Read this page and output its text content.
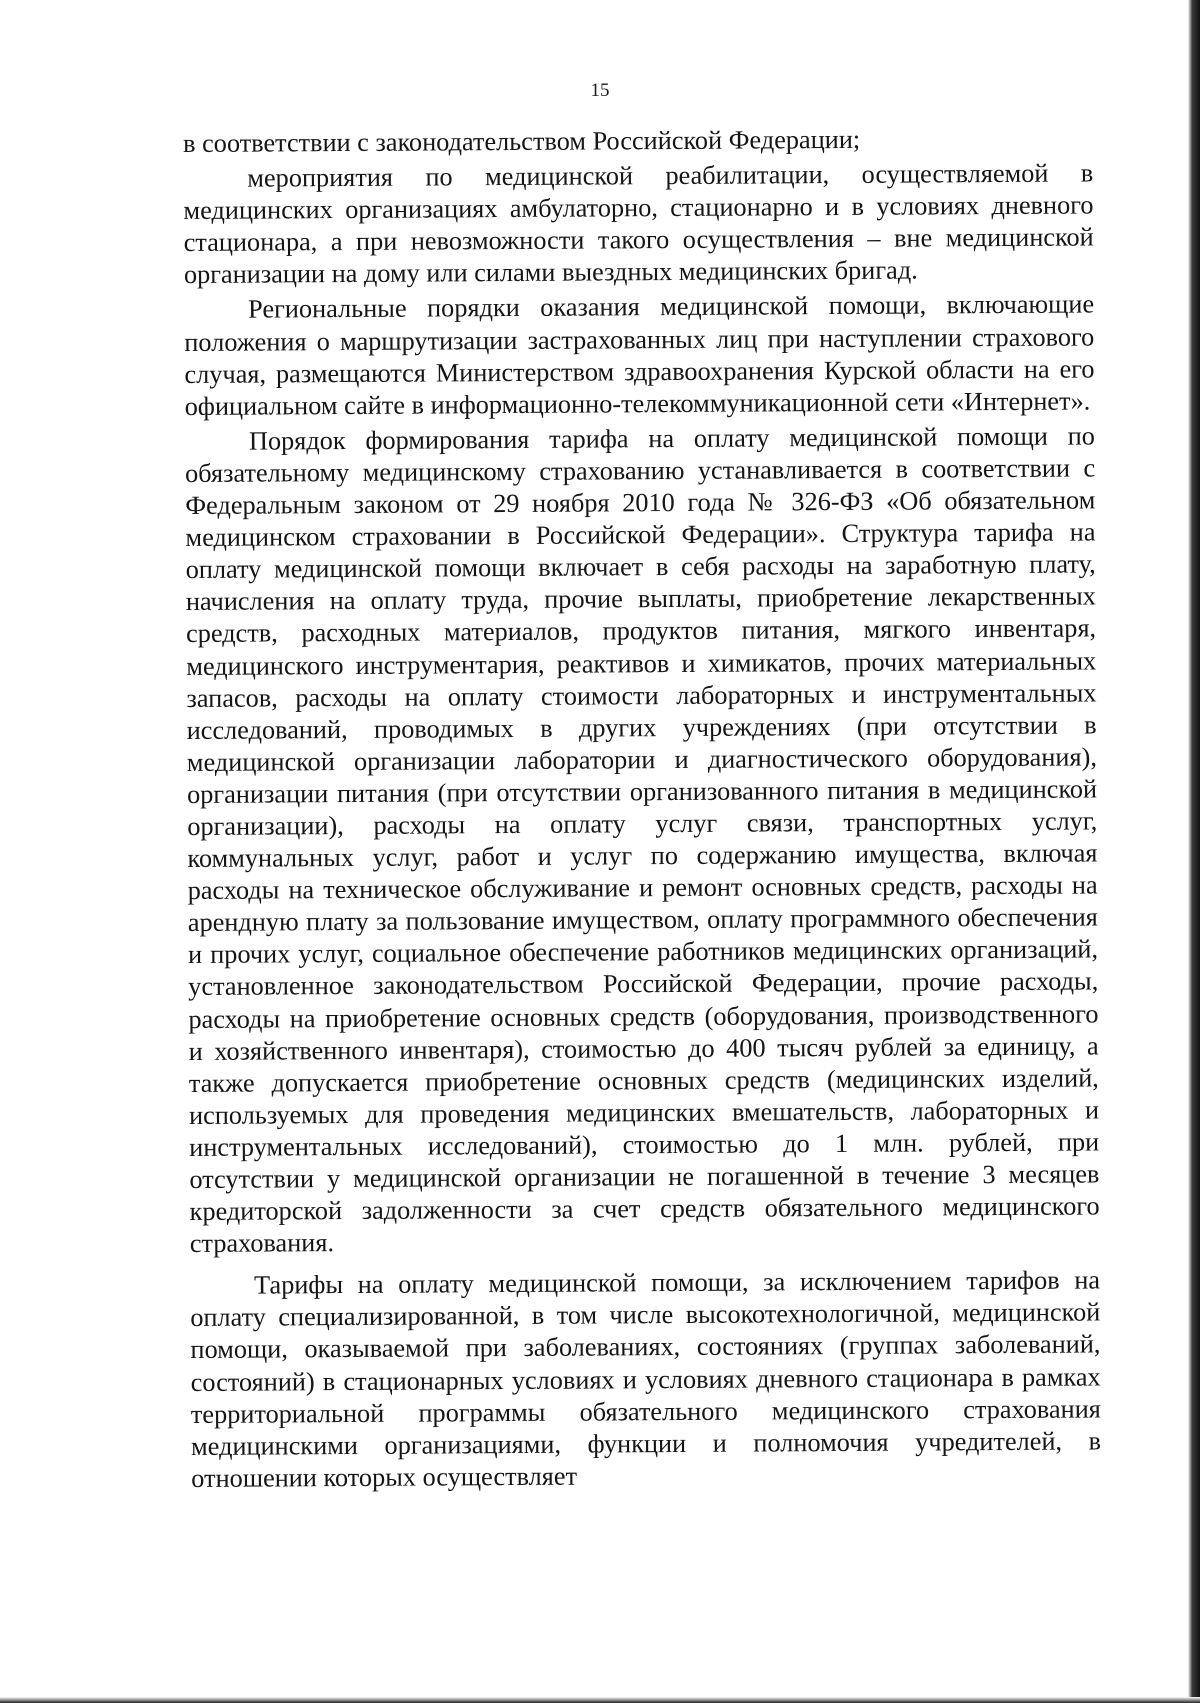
15

в соответствии с законодательством Российской Федерации;

мероприятия по медицинской реабилитации, осуществляемой в медицинских организациях амбулаторно, стационарно и в условиях дневного стационара, а при невозможности такого осуществления – вне медицинской организации на дому или силами выездных медицинских бригад.

Региональные порядки оказания медицинской помощи, включающие положения о маршрутизации застрахованных лиц при наступлении страхового случая, размещаются Министерством здравоохранения Курской области на его официальном сайте в информационно-телекоммуникационной сети «Интернет».

Порядок формирования тарифа на оплату медицинской помощи по обязательному медицинскому страхованию устанавливается в соответствии с Федеральным законом от 29 ноября 2010 года № 326-ФЗ «Об обязательном медицинском страховании в Российской Федерации». Структура тарифа на оплату медицинской помощи включает в себя расходы на заработную плату, начисления на оплату труда, прочие выплаты, приобретение лекарственных средств, расходных материалов, продуктов питания, мягкого инвентаря, медицинского инструментария, реактивов и химикатов, прочих материальных запасов, расходы на оплату стоимости лабораторных и инструментальных исследований, проводимых в других учреждениях (при отсутствии в медицинской организации лаборатории и диагностического оборудования), организации питания (при отсутствии организованного питания в медицинской организации), расходы на оплату услуг связи, транспортных услуг, коммунальных услуг, работ и услуг по содержанию имущества, включая расходы на техническое обслуживание и ремонт основных средств, расходы на арендную плату за пользование имуществом, оплату программного обеспечения и прочих услуг, социальное обеспечение работников медицинских организаций, установленное законодательством Российской Федерации, прочие расходы, расходы на приобретение основных средств (оборудования, производственного и хозяйственного инвентаря), стоимостью до 400 тысяч рублей за единицу, а также допускается приобретение основных средств (медицинских изделий, используемых для проведения медицинских вмешательств, лабораторных и инструментальных исследований), стоимостью до 1 млн. рублей, при отсутствии у медицинской организации не погашенной в течение 3 месяцев кредиторской задолженности за счет средств обязательного медицинского страхования.

Тарифы на оплату медицинской помощи, за исключением тарифов на оплату специализированной, в том числе высокотехнологичной, медицинской помощи, оказываемой при заболеваниях, состояниях (группах заболеваний, состояний) в стационарных условиях и условиях дневного стационара в рамках территориальной программы обязательного медицинского страхования медицинскими организациями, функции и полномочия учредителей, в отношении которых осуществляет
